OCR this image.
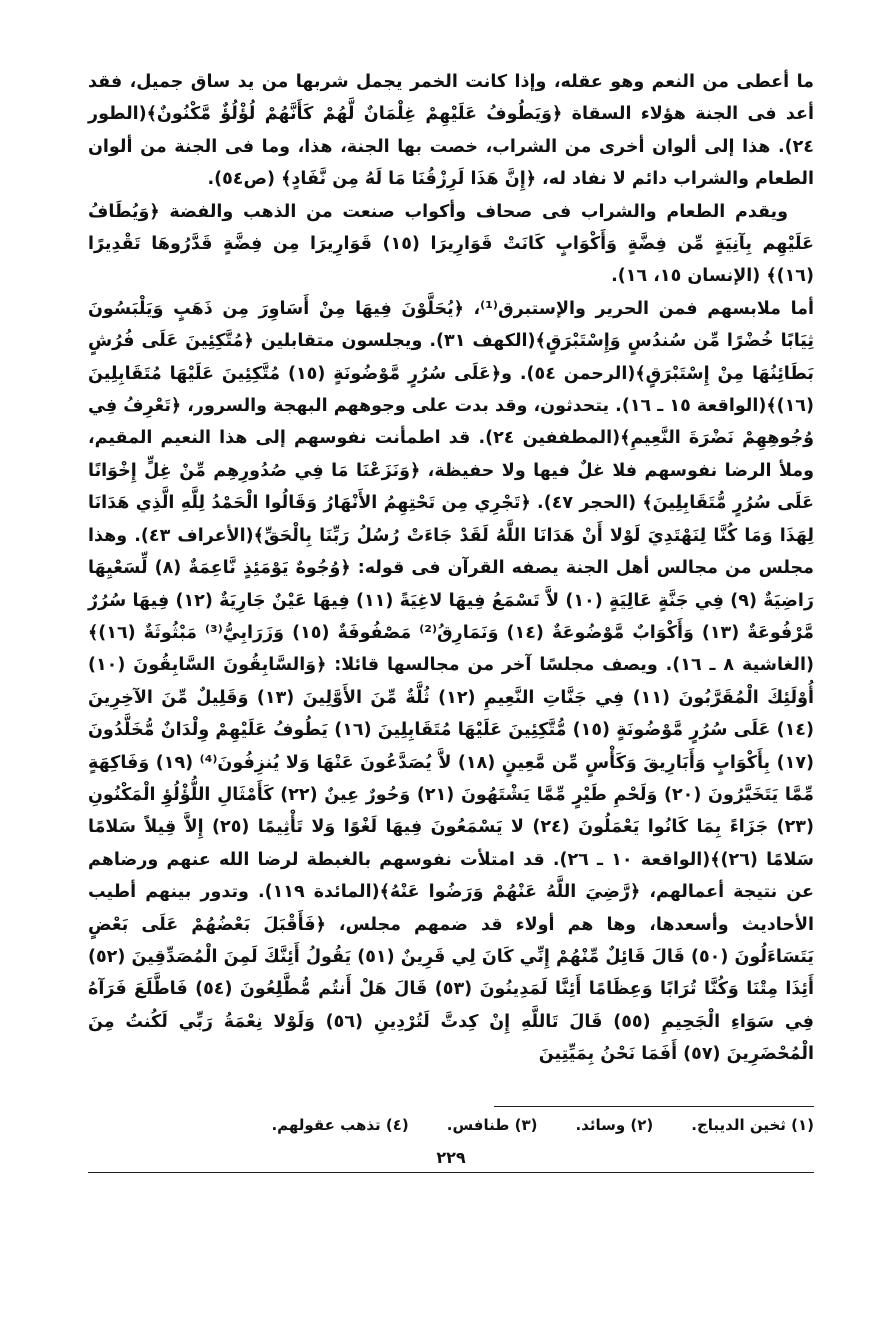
ما أعطى من النعم وهو عقله، وإذا كانت الخمر يجمل شربها من يد ساق جميل، فقد أعد فى الجنة هؤلاء السقاة ﴿وَيَطُوفُ عَلَيْهِمْ غِلْمَانٌ لَّهُمْ كَأَنَّهُمْ لُؤْلُؤٌ مَّكْنُونٌ﴾(الطور ٢٤). هذا إلى ألوان أخرى من الشراب، خصت بها الجنة، هذا، وما فى الجنة من ألوان الطعام والشراب دائم لا نفاد له، ﴿إِنَّ هَذَا لَرِزْقُنَا مَا لَهُ مِن نَّفَادٍ﴾ (ص٥٤).

ويقدم الطعام والشراب فى صحاف وأكواب صنعت من الذهب والفضة ﴿وَيُطَافُ عَلَيْهِم بِآنِيَةٍ مِّن فِضَّةٍ وَأَكْوَابٍ كَانَتْ قَوَارِيرَا (١٥) قَوَارِيرَا مِن فِضَّةٍ قَدَّرُوهَا تَقْدِيرًا (١٦)﴾ (الإنسان ١٥، ١٦).

أما ملابسهم فمن الحرير والإستبرق⁽¹⁾، ﴿يُحَلَّوْنَ فِيهَا مِنْ أَسَاوِرَ مِن ذَهَبٍ وَيَلْبَسُونَ ثِيَابًا خُضْرًا مِّن سُندُسٍ وَإِسْتَبْرَقٍ﴾(الكهف ٣١). ويجلسون متقابلين ﴿مُتَّكِئِينَ عَلَى فُرُشٍ بَطَائِنُهَا مِنْ إِسْتَبْرَقٍ﴾(الرحمن ٥٤). و﴿عَلَى سُرُرٍ مَّوْضُونَةٍ (١٥) مُتَّكِئِينَ عَلَيْهَا مُتَقَابِلِينَ (١٦)﴾(الواقعة ١٥ ـ ١٦). يتحدثون، وقد بدت على وجوههم البهجة والسرور، ﴿تَعْرِفُ فِي وُجُوهِهِمْ نَضْرَةَ النَّعِيمِ﴾(المطففين ٢٤). قد اطمأنت نفوسهم إلى هذا النعيم المقيم، وملأ الرضا نفوسهم فلا غلٌ فيها ولا حفيظة، ﴿وَنَزَعْنَا مَا فِي صُدُورِهِم مِّنْ غِلٍّ إِخْوَانًا عَلَى سُرُرٍ مُّتَقَابِلِينَ﴾ (الحجر ٤٧). ﴿تَجْرِي مِن تَحْتِهِمُ الأَنْهَارُ وَقَالُوا الْحَمْدُ لِلَّهِ الَّذِي هَدَانَا لِهَذَا وَمَا كُنَّا لِنَهْتَدِيَ لَوْلا أَنْ هَدَانَا اللَّهُ لَقَدْ جَاءَتْ رُسُلُ رَبِّنَا بِالْحَقِّ﴾(الأعراف ٤٣). وهذا مجلس من مجالس أهل الجنة يصفه القرآن فى قوله: ﴿وُجُوهٌ يَوْمَئِذٍ نَّاعِمَةٌ (٨) لِّسَعْيِهَا رَاضِيَةٌ (٩) فِي جَنَّةٍ عَالِيَةٍ (١٠) لاَّ تَسْمَعُ فِيهَا لاغِيَةً (١١) فِيهَا عَيْنٌ جَارِيَةٌ (١٢) فِيهَا سُرُرٌ مَّرْفُوعَةٌ (١٣) وَأَكْوَابٌ مَّوْضُوعَةٌ (١٤) وَنَمَارِقُ⁽²⁾ مَصْفُوفَةٌ (١٥) وَزَرَابِيُّ⁽³⁾ مَبْثُوثَةٌ (١٦)﴾(الغاشية ٨ ـ ١٦). ويصف مجلسًا آخر من مجالسها قائلا: ﴿وَالسَّابِقُونَ السَّابِقُونَ (١٠) أُوْلَئِكَ الْمُقَرَّبُونَ (١١) فِي جَنَّاتِ النَّعِيمِ (١٢) ثُلَّةٌ مِّنَ الأَوَّلِينَ (١٣) وَقَلِيلٌ مِّنَ الآخِرِينَ (١٤) عَلَى سُرُرٍ مَّوْضُونَةٍ (١٥) مُّتَّكِئِينَ عَلَيْهَا مُتَقَابِلِينَ (١٦) يَطُوفُ عَلَيْهِمْ وِلْدَانٌ مُّخَلَّدُونَ (١٧) بِأَكْوَابٍ وَأَبَارِيقَ وَكَأْسٍ مِّن مَّعِينٍ (١٨) لاَّ يُصَدَّعُونَ عَنْهَا وَلا يُنزِفُونَ⁽⁴⁾ (١٩) وَفَاكِهَةٍ مِّمَّا يَتَخَيَّرُونَ (٢٠) وَلَحْمِ طَيْرٍ مِّمَّا يَشْتَهُونَ (٢١) وَحُورٌ عِينٌ (٢٢) كَأَمْثَالِ اللُّؤْلُؤِ الْمَكْنُونِ (٢٣) جَزَاءً بِمَا كَانُوا يَعْمَلُونَ (٢٤) لا يَسْمَعُونَ فِيهَا لَغْوًا وَلا تَأْثِيمًا (٢٥) إِلاَّ قِيلاً سَلامًا سَلامًا (٢٦)﴾(الواقعة ١٠ ـ ٢٦). قد امتلأت نفوسهم بالغبطة لرضا الله عنهم ورضاهم عن نتيجة أعمالهم، ﴿رَّضِيَ اللَّهُ عَنْهُمْ وَرَضُوا عَنْهُ﴾(المائدة ١١٩). وتدور بينهم أطيب الأحاديث وأسعدها، وها هم أولاء قد ضمهم مجلس، ﴿فَأَقْبَلَ بَعْضُهُمْ عَلَى بَعْضٍ يَتَسَاءَلُونَ (٥٠) قَالَ قَائِلٌ مِّنْهُمْ إِنِّي كَانَ لِي قَرِينٌ (٥١) يَقُولُ أَئِنَّكَ لَمِنَ الْمُصَدِّقِينَ (٥٢) أَئِذَا مِتْنَا وَكُنَّا تُرَابًا وَعِظَامًا أَئِنَّا لَمَدِينُونَ (٥٣) قَالَ هَلْ أَنتُم مُّطَّلِعُونَ (٥٤) فَاطَّلَعَ فَرَآهُ فِي سَوَاءِ الْجَحِيمِ (٥٥) قَالَ تَاللَّهِ إِنْ كِدتَّ لَتُرْدِينِ (٥٦) وَلَوْلا نِعْمَةُ رَبِّي لَكُنتُ مِنَ الْمُحْضَرِينَ (٥٧) أَفَمَا نَحْنُ بِمَيِّتِينَ

(١) ثخين الديباج.
(٢) وسائد.
(٣) طنافس.
(٤) تذهب عقولهم.
٢٢٩
